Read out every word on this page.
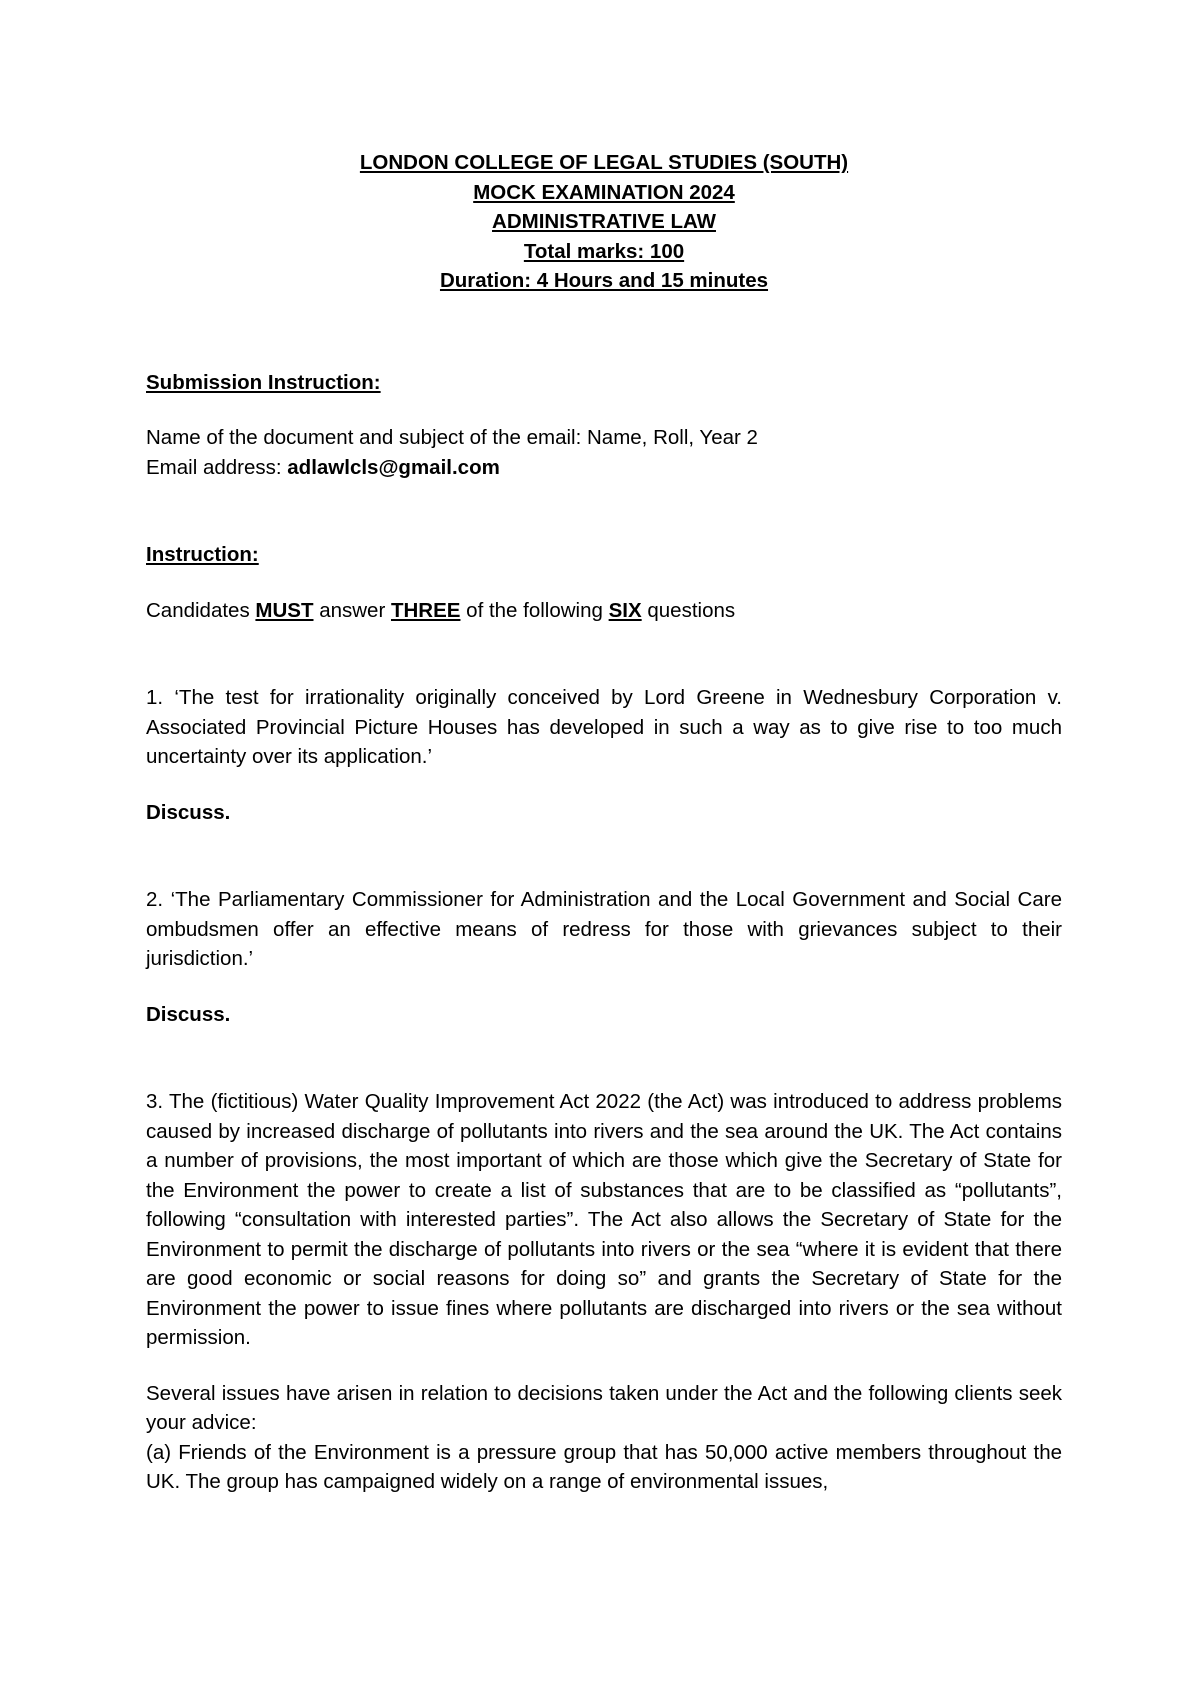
LONDON COLLEGE OF LEGAL STUDIES (SOUTH)
MOCK EXAMINATION 2024
ADMINISTRATIVE LAW
Total marks: 100
Duration: 4 Hours and 15 minutes

Submission Instruction:

Name of the document and subject of the email: Name, Roll, Year 2

Email address: adlawlcls@gmail.com

Instruction:

Candidates MUST answer THREE of the following SIX questions

1. ‘The test for irrationality originally conceived by Lord Greene in Wednesbury Corporation v. Associated Provincial Picture Houses has developed in such a way as to give rise to too much uncertainty over its application.’

Discuss.

2. ‘The Parliamentary Commissioner for Administration and the Local Government and Social Care ombudsmen offer an effective means of redress for those with grievances subject to their jurisdiction.’

Discuss.

3. The (fictitious) Water Quality Improvement Act 2022 (the Act) was introduced to address problems caused by increased discharge of pollutants into rivers and the sea around the UK. The Act contains a number of provisions, the most important of which are those which give the Secretary of State for the Environment the power to create a list of substances that are to be classified as “pollutants”, following “consultation with interested parties”. The Act also allows the Secretary of State for the Environment to permit the discharge of pollutants into rivers or the sea “where it is evident that there are good economic or social reasons for doing so” and grants the Secretary of State for the Environment the power to issue fines where pollutants are discharged into rivers or the sea without permission.

Several issues have arisen in relation to decisions taken under the Act and the following clients seek your advice:

(a) Friends of the Environment is a pressure group that has 50,000 active members throughout the UK. The group has campaigned widely on a range of environmental issues,
